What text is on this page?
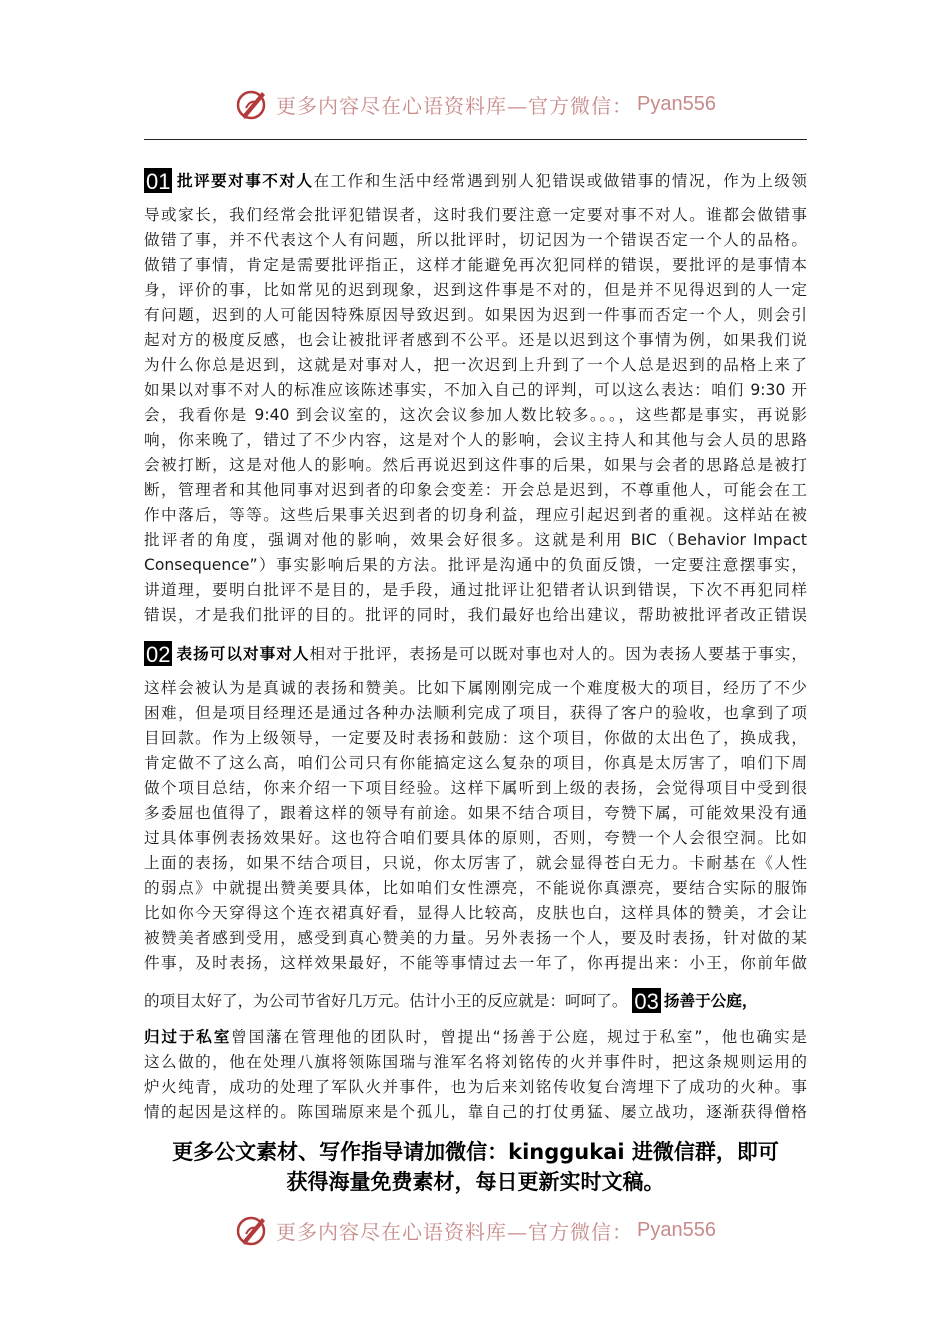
更多内容尽在心语资料库—官方微信： Pyan556
01 批评要对事不对人在工作和生活中经常遇到别人犯错误或做错事的情况，作为上级领
导或家长，我们经常会批评犯错误者，这时我们要注意一定要对事不对人。谁都会做错事
做错了事，并不代表这个人有问题，所以批评时，切记因为一个错误否定一个人的品格。
做错了事情，肯定是需要批评指正，这样才能避免再次犯同样的错误，要批评的是事情本
身，评价的事，比如常见的迟到现象，迟到这件事是不对的，但是并不见得迟到的人一定
有问题，迟到的人可能因特殊原因导致迟到。如果因为迟到一件事而否定一个人，则会引
起对方的极度反感，也会让被批评者感到不公平。还是以迟到这个事情为例，如果我们说
为什么你总是迟到，这就是对事对人，把一次迟到上升到了一个人总是迟到的品格上来了
如果以对事不对人的标准应该陈述事实，不加入自己的评判，可以这么表达：咱们 9:30 开
会，我看你是 9:40 到会议室的，这次会议参加人数比较多。。。，这些都是事实，再说影
响，你来晚了，错过了不少内容，这是对个人的影响，会议主持人和其他与会人员的思路
会被打断，这是对他人的影响。然后再说迟到这件事的后果，如果与会者的思路总是被打
断，管理者和其他同事对迟到者的印象会变差：开会总是迟到，不尊重他人，可能会在工
作中落后，等等。这些后果事关迟到者的切身利益，理应引起迟到者的重视。这样站在被
批评者的角度，强调对他的影响，效果会好很多。这就是利用 BIC（Behavior Impact
Consequence”）事实影响后果的方法。批评是沟通中的负面反馈，一定要注意摆事实，
讲道理，要明白批评不是目的，是手段，通过批评让犯错者认识到错误，下次不再犯同样
错误，才是我们批评的目的。批评的同时，我们最好也给出建议，帮助被批评者改正错误
02 表扬可以对事对人相对于批评，表扬是可以既对事也对人的。因为表扬人要基于事实，
这样会被认为是真诚的表扬和赞美。比如下属刚刚完成一个难度极大的项目，经历了不少
困难，但是项目经理还是通过各种办法顺利完成了项目，获得了客户的验收，也拿到了项
目回款。作为上级领导，一定要及时表扬和鼓励：这个项目，你做的太出色了，换成我，
肯定做不了这么高，咱们公司只有你能搞定这么复杂的项目，你真是太厉害了，咱们下周
做个项目总结，你来介绍一下项目经验。这样下属听到上级的表扬，会觉得项目中受到很
多委屈也值得了，跟着这样的领导有前途。如果不结合项目，夸赞下属，可能效果没有通
过具体事例表扬效果好。这也符合咱们要具体的原则，否则，夸赞一个人会很空洞。比如
上面的表扬，如果不结合项目，只说，你太厉害了，就会显得苍白无力。卡耐基在《人性
的弱点》中就提出赞美要具体，比如咱们女性漂亮，不能说你真漂亮，要结合实际的服饰
比如你今天穿得这个连衣裙真好看，显得人比较高，皮肤也白，这样具体的赞美，才会让
被赞美者感到受用，感受到真心赞美的力量。另外表扬一个人，要及时表扬，针对做的某
件事，及时表扬，这样效果最好，不能等事情过去一年了，你再提出来：小王，你前年做
的项目太好了，为公司节省好几万元。估计小王的反应就是：呵呵了。 03 扬善于公庭，
归过于私室曾国藩在管理他的团队时，曾提出“扬善于公庭，规过于私室”，他也确实是
这么做的，他在处理八旗将领陈国瑞与淮军名将刘铭传的火并事件时，把这条规则运用的
炉火纯青，成功的处理了军队火并事件，也为后来刘铭传收复台湾埋下了成功的火种。事
情的起因是这样的。陈国瑞原来是个孤儿，靠自己的打仗勇猛、屡立战功，逐渐获得僧格
更多公文素材、写作指导请加微信：kinggukai 进微信群，即可
获得海量免费素材，每日更新实时文稿。
更多内容尽在心语资料库—官方微信： Pyan556
